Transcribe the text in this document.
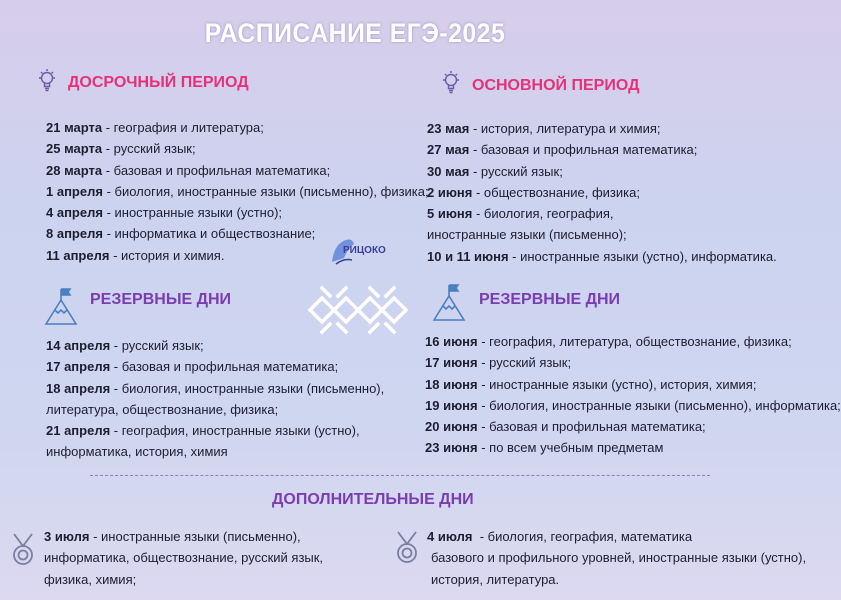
РАСПИСАНИЕ ЕГЭ-2025
ДОСРОЧНЫЙ ПЕРИОД
21 марта - география и литература;
25 марта - русский язык;
28 марта - базовая и профильная математика;
1 апреля - биология, иностранные языки (письменно), физика;
4 апреля - иностранные языки (устно);
8 апреля - информатика и обществознание;
11 апреля - история и химия.
ОСНОВНОЙ ПЕРИОД
23 мая - история, литература и химия;
27 мая - базовая и профильная математика;
30 мая - русский язык;
2 июня - обществознание, физика;
5 июня - биология, география,
иностранные языки (письменно);
10 и 11 июня - иностранные языки (устно), информатика.
РИЦОКО
РЕЗЕРВНЫЕ ДНИ
14 апреля - русский язык;
17 апреля - базовая и профильная математика;
18 апреля - биология, иностранные языки (письменно),
литература, обществознание, физика;
21 апреля - география, иностранные языки (устно),
информатика, история, химия
РЕЗЕРВНЫЕ ДНИ
16 июня - география, литература, обществознание, физика;
17 июня - русский язык;
18 июня - иностранные языки (устно), история, химия;
19 июня - биология, иностранные языки (письменно), информатика;
20 июня - базовая и профильная математика;
23 июня - по всем учебным предметам
ДОПОЛНИТЕЛЬНЫЕ ДНИ
3 июля - иностранные языки (письменно),
информатика, обществознание, русский язык,
физика, химия;
4 июля  - биология, география, математика
базового и профильного уровней, иностранные языки (устно),
история, литература.
